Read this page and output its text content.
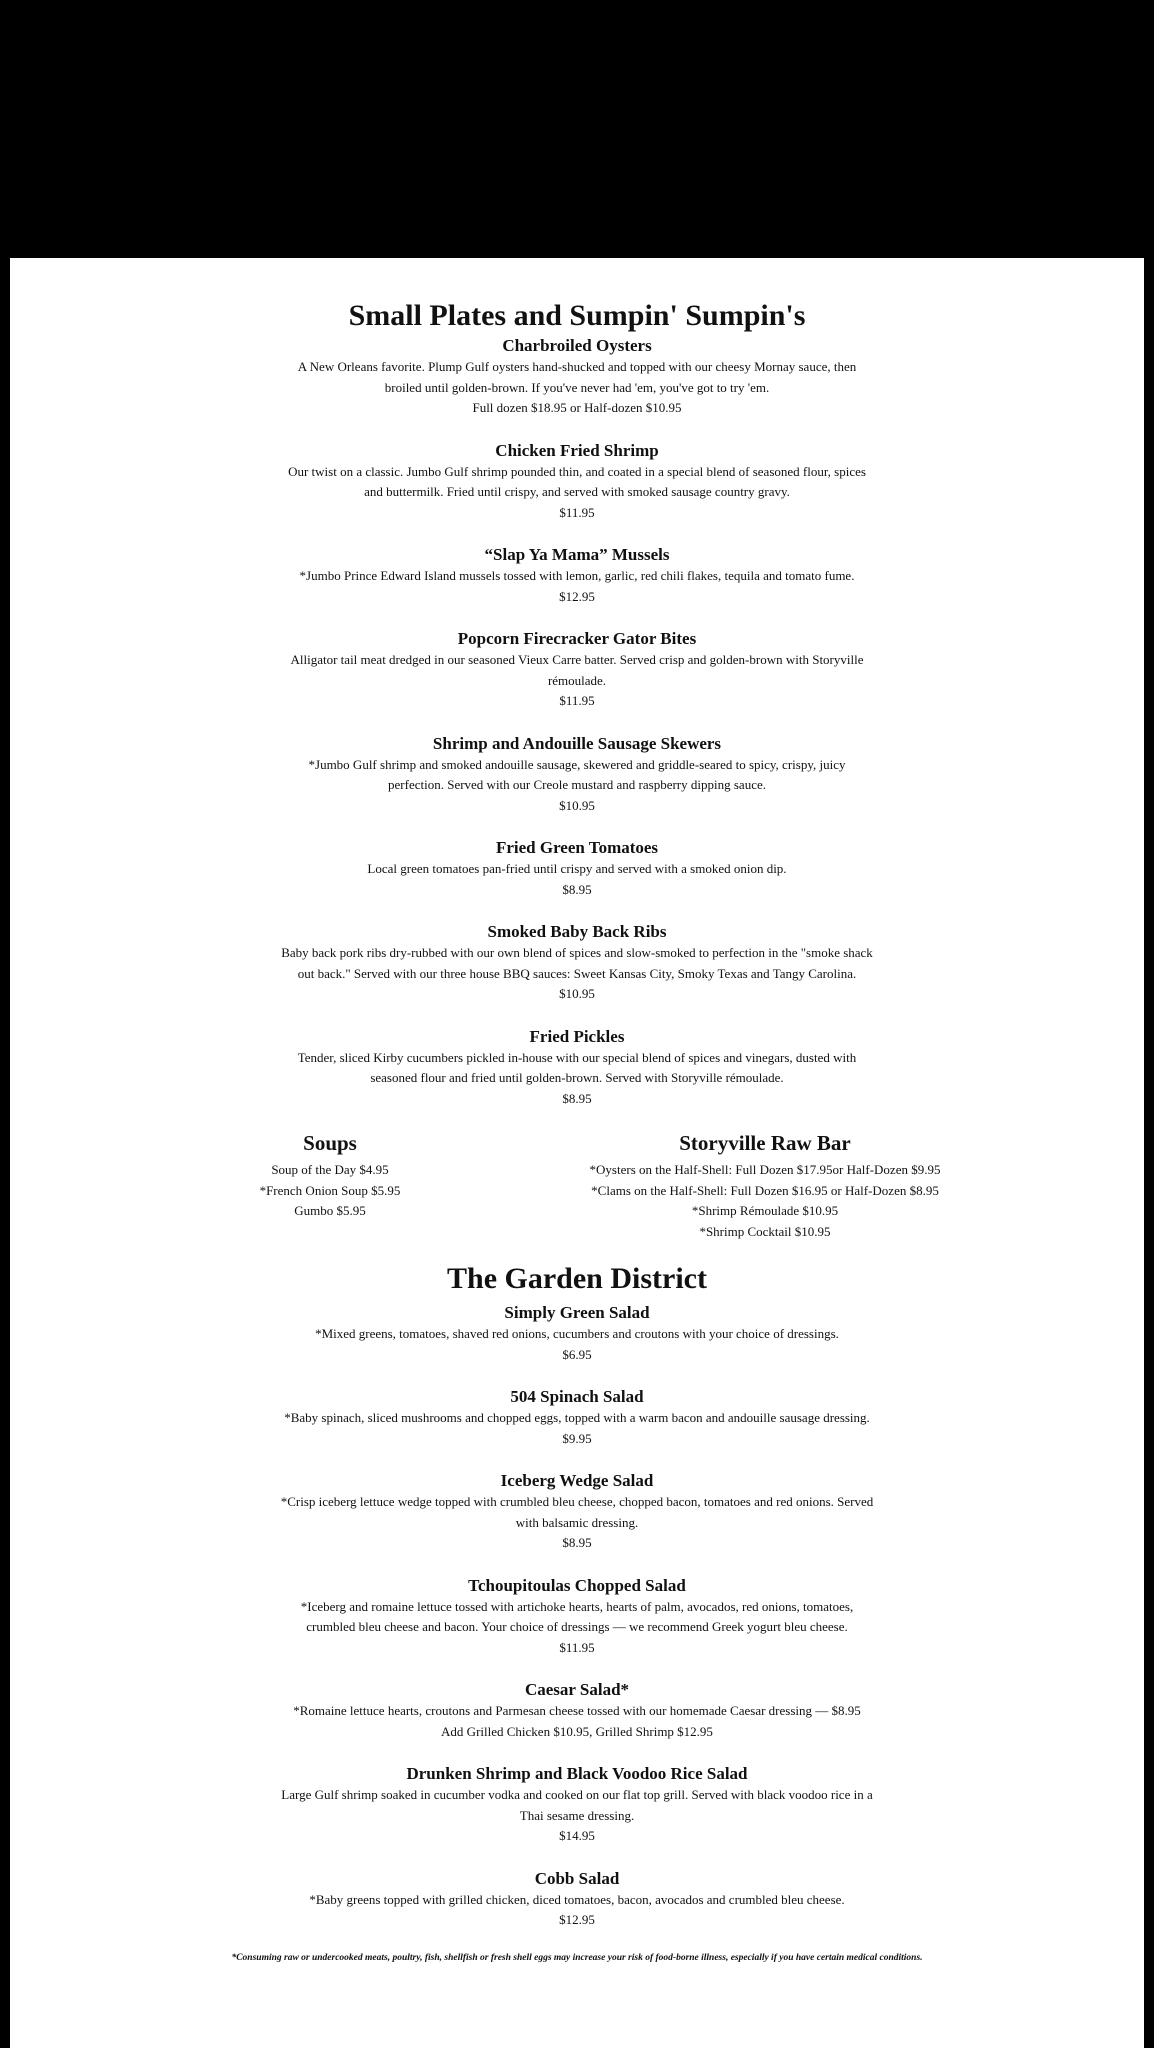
Small Plates and Sumpin' Sumpin's
Charbroiled Oysters
A New Orleans favorite. Plump Gulf oysters hand-shucked and topped with our cheesy Mornay sauce, then
broiled until golden-brown. If you've never had 'em, you've got to try 'em.
Full dozen $18.95 or Half-dozen $10.95
Chicken Fried Shrimp
Our twist on a classic. Jumbo Gulf shrimp pounded thin, and coated in a special blend of seasoned flour, spices
and buttermilk. Fried until crispy, and served with smoked sausage country gravy.
$11.95
“Slap Ya Mama” Mussels
*Jumbo Prince Edward Island mussels tossed with lemon, garlic, red chili flakes, tequila and tomato fume.
$12.95
Popcorn Firecracker Gator Bites
Alligator tail meat dredged in our seasoned Vieux Carre batter. Served crisp and golden-brown with Storyville
rémoulade.
$11.95
Shrimp and Andouille Sausage Skewers
*Jumbo Gulf shrimp and smoked andouille sausage, skewered and griddle-seared to spicy, crispy, juicy
perfection. Served with our Creole mustard and raspberry dipping sauce.
$10.95
Fried Green Tomatoes
Local green tomatoes pan-fried until crispy and served with a smoked onion dip.
$8.95
Smoked Baby Back Ribs
Baby back pork ribs dry-rubbed with our own blend of spices and slow-smoked to perfection in the "smoke shack
out back." Served with our three house BBQ sauces: Sweet Kansas City, Smoky Texas and Tangy Carolina.
$10.95
Fried Pickles
Tender, sliced Kirby cucumbers pickled in-house with our special blend of spices and vinegars, dusted with
seasoned flour and fried until golden-brown. Served with Storyville rémoulade.
$8.95
Soups
Soup of the Day $4.95
*French Onion Soup $5.95
Gumbo $5.95
Storyville Raw Bar
*Oysters on the Half-Shell: Full Dozen $17.95or Half-Dozen $9.95
*Clams on the Half-Shell: Full Dozen $16.95 or Half-Dozen $8.95
*Shrimp Rémoulade $10.95
*Shrimp Cocktail $10.95
The Garden District
Simply Green Salad
*Mixed greens, tomatoes, shaved red onions, cucumbers and croutons with your choice of dressings.
$6.95
504 Spinach Salad
*Baby spinach, sliced mushrooms and chopped eggs, topped with a warm bacon and andouille sausage dressing.
$9.95
Iceberg Wedge Salad
*Crisp iceberg lettuce wedge topped with crumbled bleu cheese, chopped bacon, tomatoes and red onions. Served
with balsamic dressing.
$8.95
Tchoupitoulas Chopped Salad
*Iceberg and romaine lettuce tossed with artichoke hearts, hearts of palm, avocados, red onions, tomatoes,
crumbled bleu cheese and bacon. Your choice of dressings — we recommend Greek yogurt bleu cheese.
$11.95
Caesar Salad*
*Romaine lettuce hearts, croutons and Parmesan cheese tossed with our homemade Caesar dressing — $8.95
Add Grilled Chicken $10.95, Grilled Shrimp $12.95
Drunken Shrimp and Black Voodoo Rice Salad
Large Gulf shrimp soaked in cucumber vodka and cooked on our flat top grill. Served with black voodoo rice in a
Thai sesame dressing.
$14.95
Cobb Salad
*Baby greens topped with grilled chicken, diced tomatoes, bacon, avocados and crumbled bleu cheese.
$12.95
*Consuming raw or undercooked meats, poultry, fish, shellfish or fresh shell eggs may increase your risk of food-borne illness, especially if you have certain medical conditions.
